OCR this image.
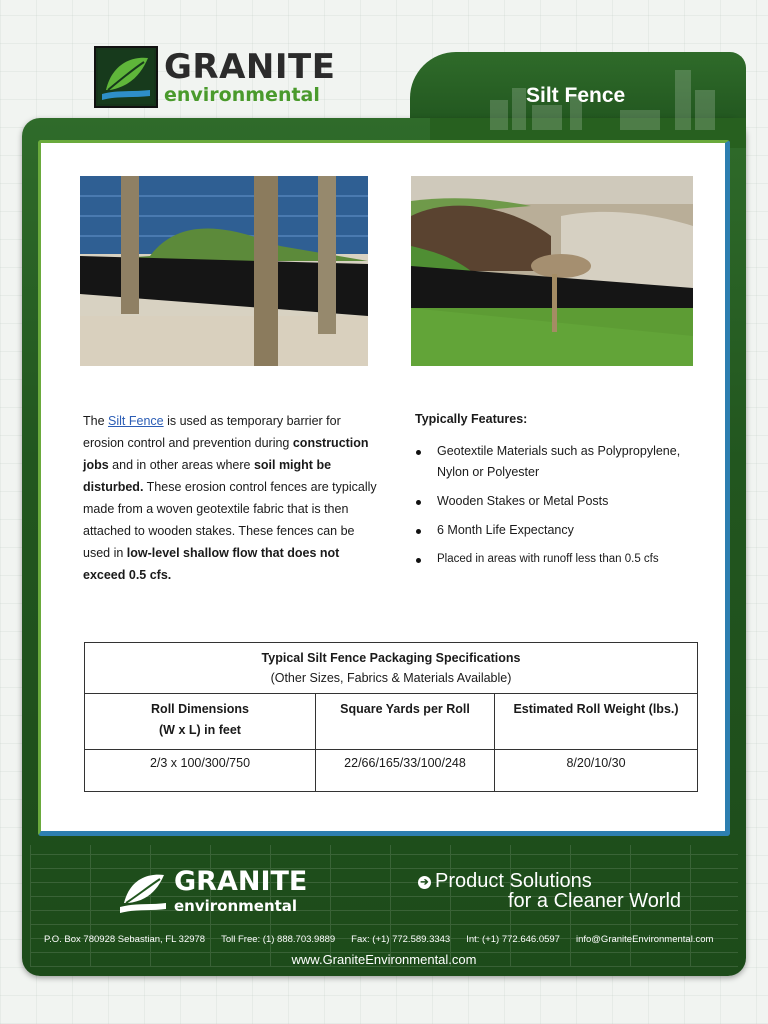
Silt Fence
GRANITE
environmental
The Silt Fence is used as temporary barrier for erosion control and prevention during construction jobs and in other areas where soil might be disturbed. These erosion control fences are typically made from a woven geotextile fabric that is then attached to wooden stakes. These fences can be used in low-level shallow flow that does not exceed 0.5 cfs.
Typically Features:
Geotextile Materials such as Polypropylene, Nylon or Polyester
Wooden Stakes or Metal Posts
6 Month Life Expectancy
Placed in areas with runoff less than 0.5 cfs
Typical Silt Fence Packaging Specifications
(Other Sizes, Fabrics & Materials Available)		
Roll Dimensions
(W x L) in feet	Square Yards per Roll	Estimated Roll Weight (lbs.)
2/3 x 100/300/750	22/66/165/33/100/248	8/20/10/30
GRANITE
environmental
➔ Product Solutions
for a Cleaner World
P.O. Box 780928 Sebastian, FL 32978 Toll Free: (1) 888.703.9889 Fax: (+1) 772.589.3343 Int: (+1) 772.646.0597 info@GraniteEnvironmental.com
www.GraniteEnvironmental.com
